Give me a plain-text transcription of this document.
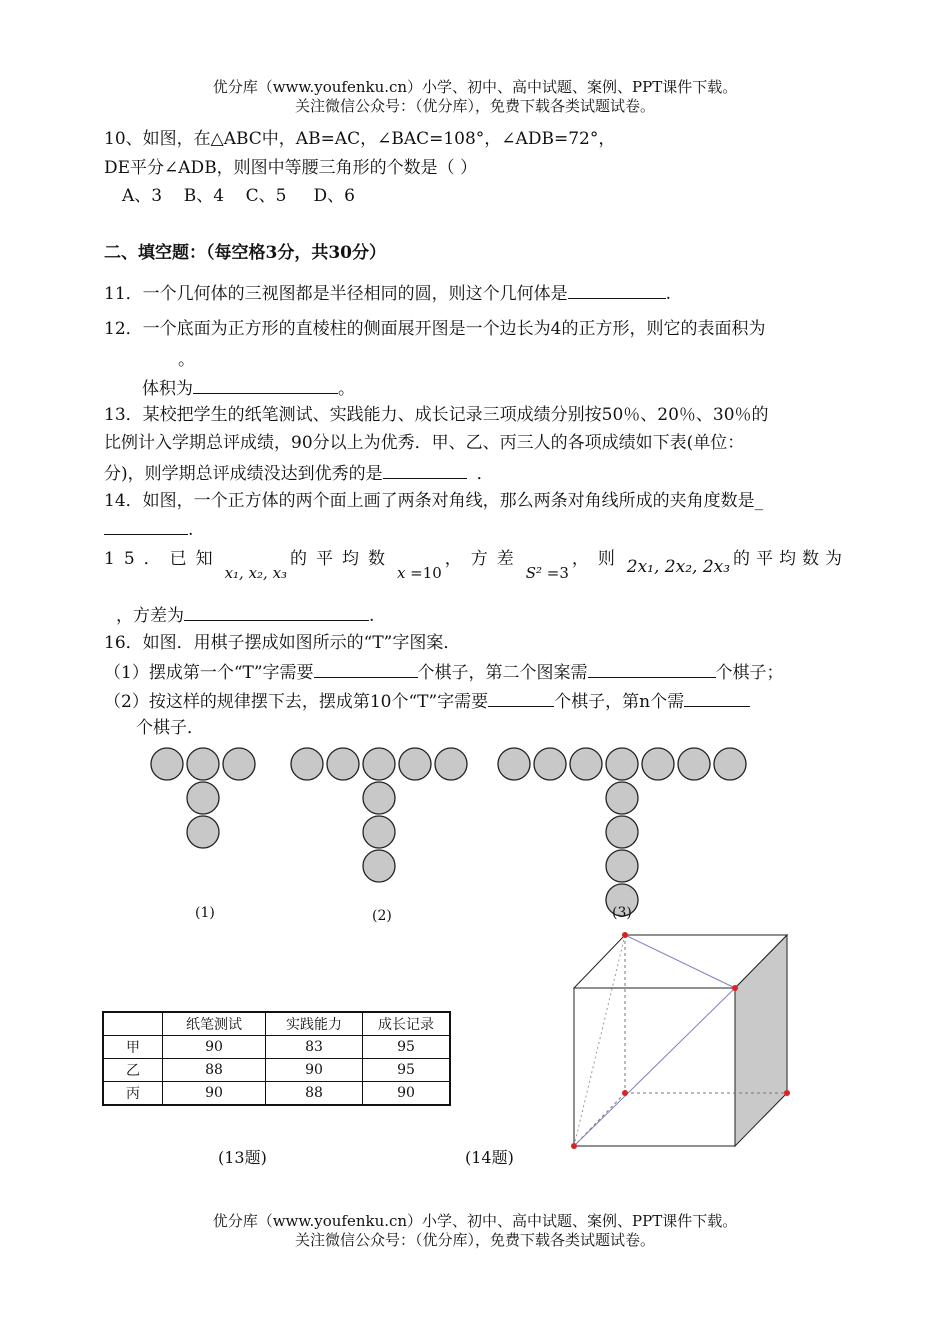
优分库（www.youfenku.cn）小学、初中、高中试题、案例、PPT课件下载。
关注微信公众号：（优分库），免费下载各类试题试卷。
10、如图，在△ABC中，AB=AC，∠BAC=108°，∠ADB=72°，
DE平分∠ADB，则图中等腰三角形的个数是（ ）
A、3    B、4    C、5     D、6
二、填空题：（每空格3分，共30分）
11．一个几何体的三视图都是半径相同的圆，则这个几何体是	.
12．一个底面为正方形的直棱柱的侧面展开图是一个边长为4的正方形，则它的表面积为
。
体积为	。
13．某校把学生的纸笔测试、实践能力、成长记录三项成绩分别按50％、20％、30％的
比例计入学期总评成绩，90分以上为优秀．甲、乙、丙三人的各项成绩如下表(单位：
分)，则学期总评成绩没达到优秀的是	．
14．如图，一个正方体的两个面上画了两条对角线，那么两条对角线所成的夹角度数是_
.
15．已知
x₁, x₂, x₃
的平均数
x =10
，方差
S² =3
，则 2x₁, 2x₂, 2x₃ 的平均数为
，方差为	.
16．如图．用棋子摆成如图所示的“T”字图案．
（1）摆成第一个“T”字需要	个棋子，第二个图案需	个棋子；
（2）按这样的规律摆下去，摆成第10个“T”字需要	个棋子，第n个需
个棋子．
(1)	(2)	(3)
	纸笔测试	实践能力	成长记录
甲	90	83	95
乙	88	90	95
丙	90	88	90
(13题)	(14题)
优分库（www.youfenku.cn）小学、初中、高中试题、案例、PPT课件下载。
关注微信公众号：（优分库），免费下载各类试题试卷。
